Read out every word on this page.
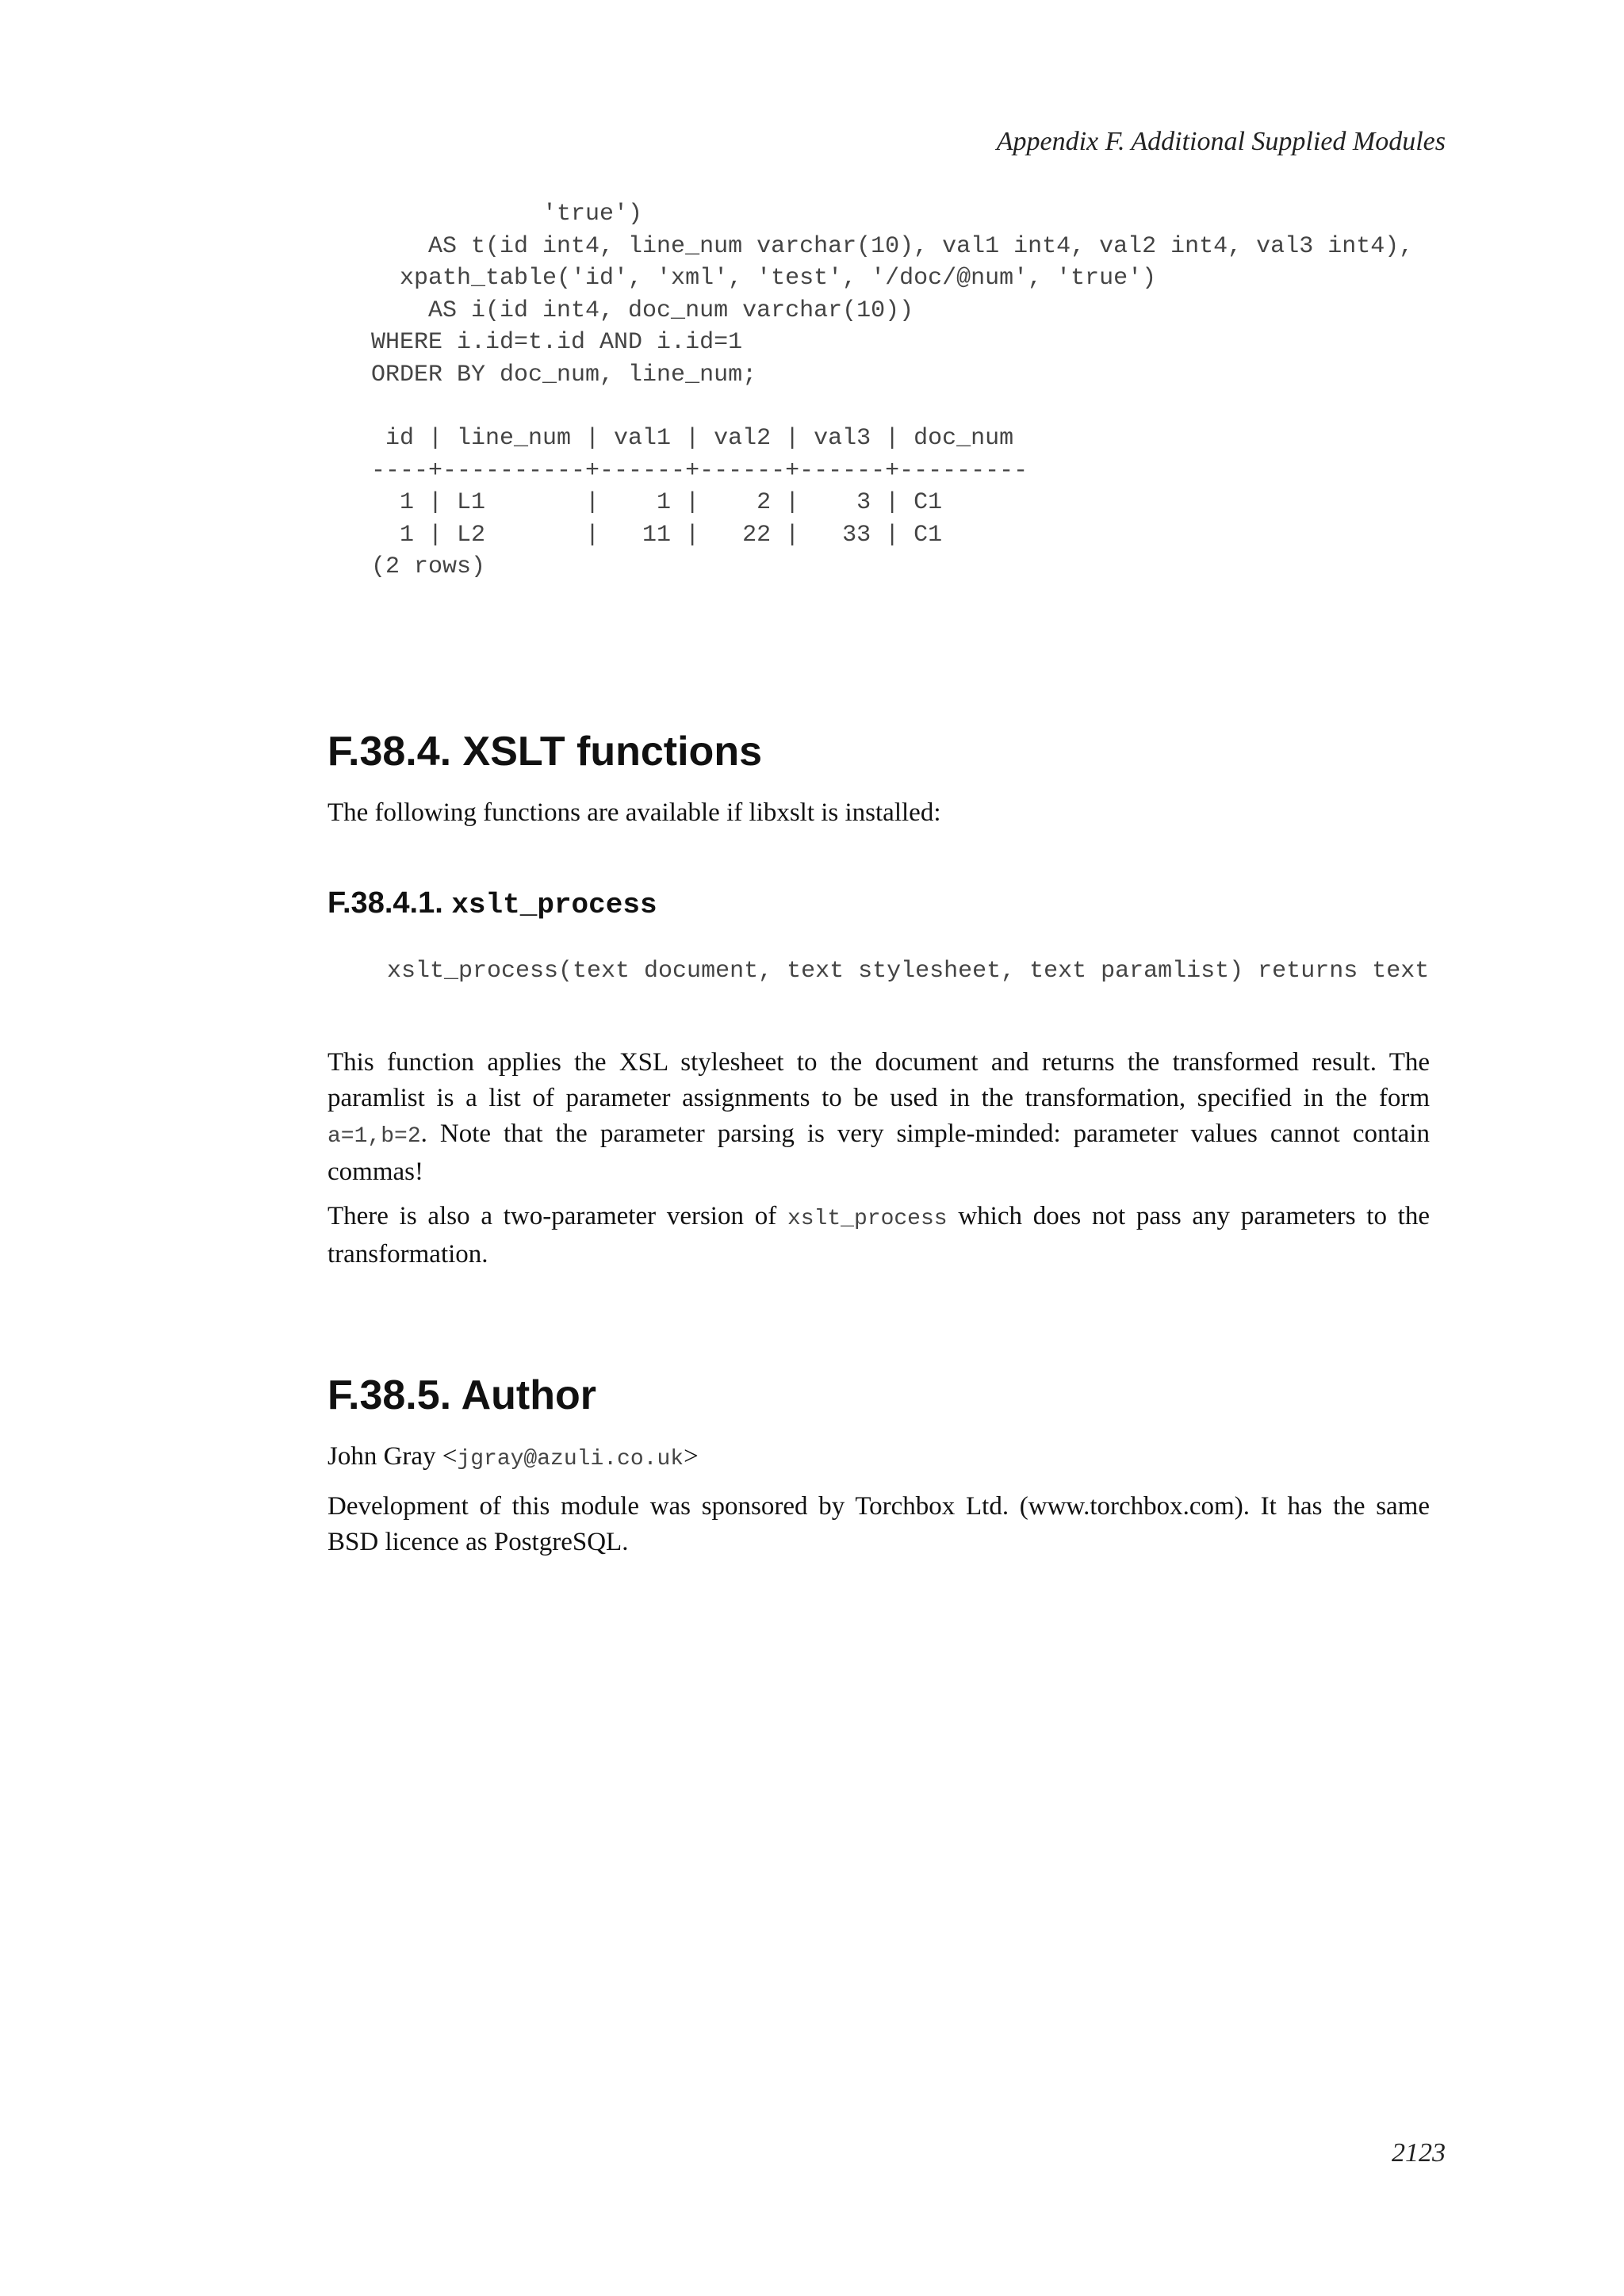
Appendix F. Additional Supplied Modules
'true')
AS t(id int4, line_num varchar(10), val1 int4, val2 int4, val3 int4),
xpath_table('id', 'xml', 'test', '/doc/@num', 'true')
AS i(id int4, doc_num varchar(10))
WHERE i.id=t.id AND i.id=1
ORDER BY doc_num, line_num;
id | line_num | val1 | val2 | val3 | doc_num
----+----------+------+------+------+---------
1 | L1       |    1 |    2 |    3 | C1
1 | L2       |   11 |   22 |   33 | C1
(2 rows)
F.38.4. XSLT functions

The following functions are available if libxslt is installed:

F.38.4.1. xslt_process
xslt_process(text document, text stylesheet, text paramlist) returns text

This function applies the XSL stylesheet to the document and returns the transformed result. The paramlist is a list of parameter assignments to be used in the transformation, specified in the form a=1,b=2. Note that the parameter parsing is very simple-minded: parameter values cannot contain commas!

There is also a two-parameter version of xslt_process which does not pass any parameters to the transformation.

F.38.5. Author

John Gray <jgray@azuli.co.uk>

Development of this module was sponsored by Torchbox Ltd. (www.torchbox.com). It has the same BSD licence as PostgreSQL.

2123
